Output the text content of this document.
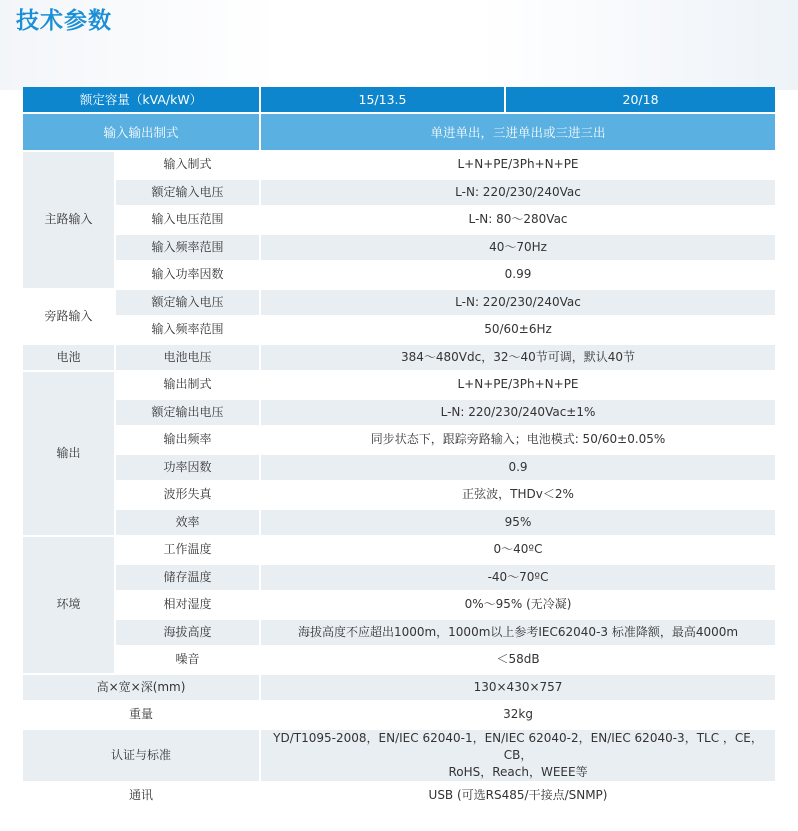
技术参数
额定容量（kVA/kW）		15/13.5	20/18
输入输出制式		单进单出，三进单出或三进三出	
主路输入	输入制式	L+N+PE/3Ph+N+PE	
	额定输入电压	L-N: 220/230/240Vac	
	输入电压范围	L-N: 80～280Vac	
	输入频率范围	40～70Hz	
	输入功率因数	0.99	
旁路输入	额定输入电压	L-N: 220/230/240Vac	
	输入频率范围	50/60±6Hz	
电池	电池电压	384～480Vdc，32～40节可调，默认40节	
输出	输出制式	L+N+PE/3Ph+N+PE	
	额定输出电压	L-N: 220/230/240Vac±1%	
	输出频率	同步状态下，跟踪旁路输入；电池模式: 50/60±0.05%	
	功率因数	0.9	
	波形失真	正弦波，THDv＜2%	
	效率	95%	
环境	工作温度	0～40ºC	
	储存温度	-40～70ºC	
	相对湿度	0%～95% (无冷凝)	
	海拔高度	海拔高度不应超出1000m，1000m以上参考IEC62040-3 标准降额，最高4000m	
	噪音	＜58dB	
高×宽×深(mm)		130×430×757	
重量		32kg	
认证与标准		YD/T1095-2008，EN/IEC 62040-1，EN/IEC 62040-2，EN/IEC 62040-3，TLC ，CE，CB，
RoHS，Reach，WEEE等	

通讯		USB (可选RS485/干接点/SNMP)	
